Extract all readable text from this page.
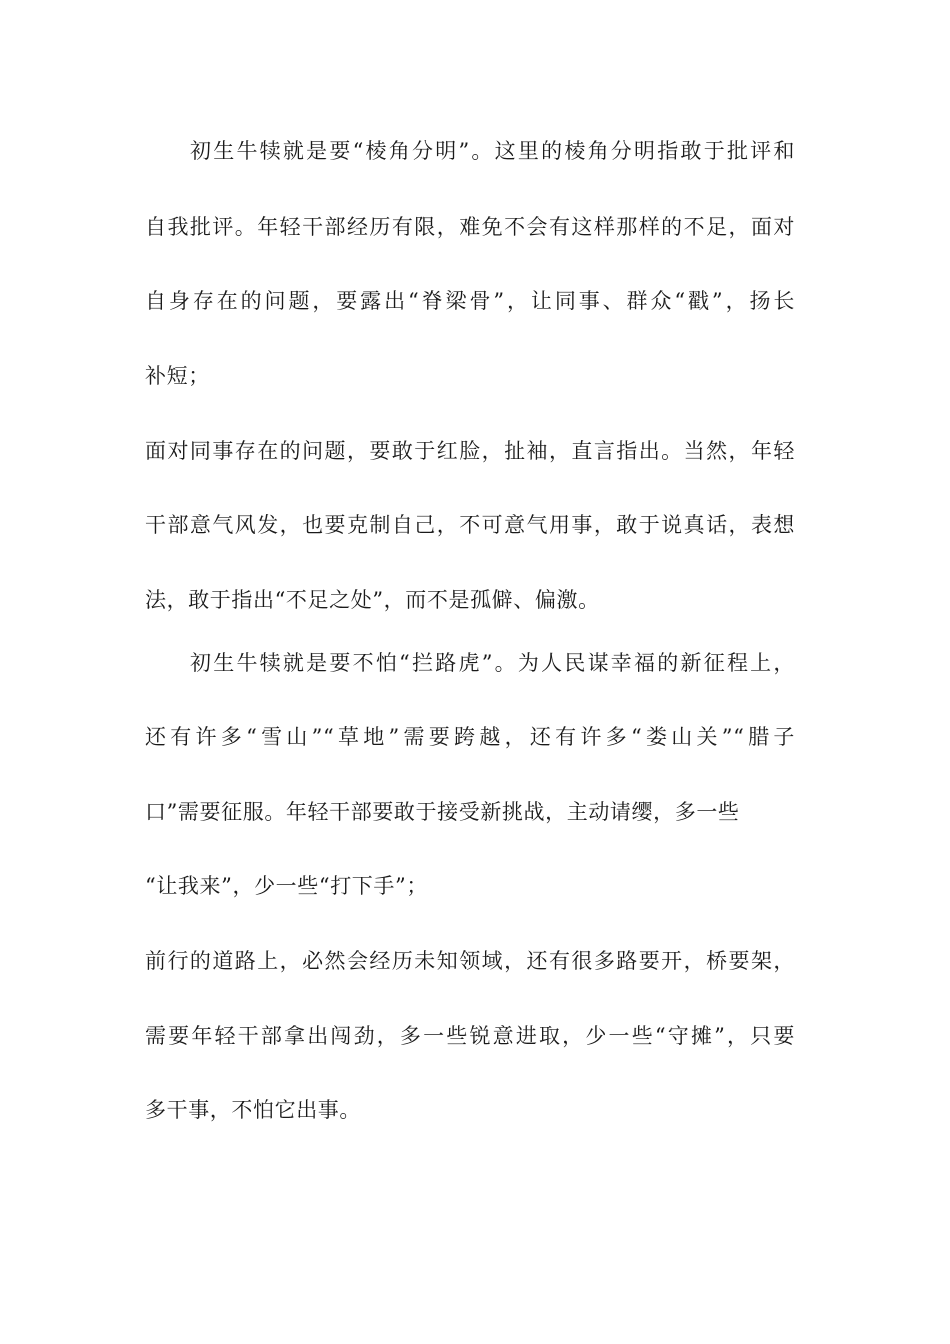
初生牛犊就是要“棱角分明”。这里的棱角分明指敢于批评和

自我批评。年轻干部经历有限，难免不会有这样那样的不足，面对

自身存在的问题，要露出“脊梁骨”，让同事、群众“戳”，扬长

补短；

面对同事存在的问题，要敢于红脸，扯袖，直言指出。当然，年轻

干部意气风发，也要克制自己，不可意气用事，敢于说真话，表想

法，敢于指出“不足之处”，而不是孤僻、偏激。

初生牛犊就是要不怕“拦路虎”。为人民谋幸福的新征程上，

还有许多“雪山”“草地”需要跨越，还有许多“娄山关”“腊子

口”需要征服。年轻干部要敢于接受新挑战，主动请缨，多一些

“让我来”，少一些“打下手”；

前行的道路上，必然会经历未知领域，还有很多路要开，桥要架，

需要年轻干部拿出闯劲，多一些锐意进取，少一些“守摊”，只要

多干事，不怕它出事。
